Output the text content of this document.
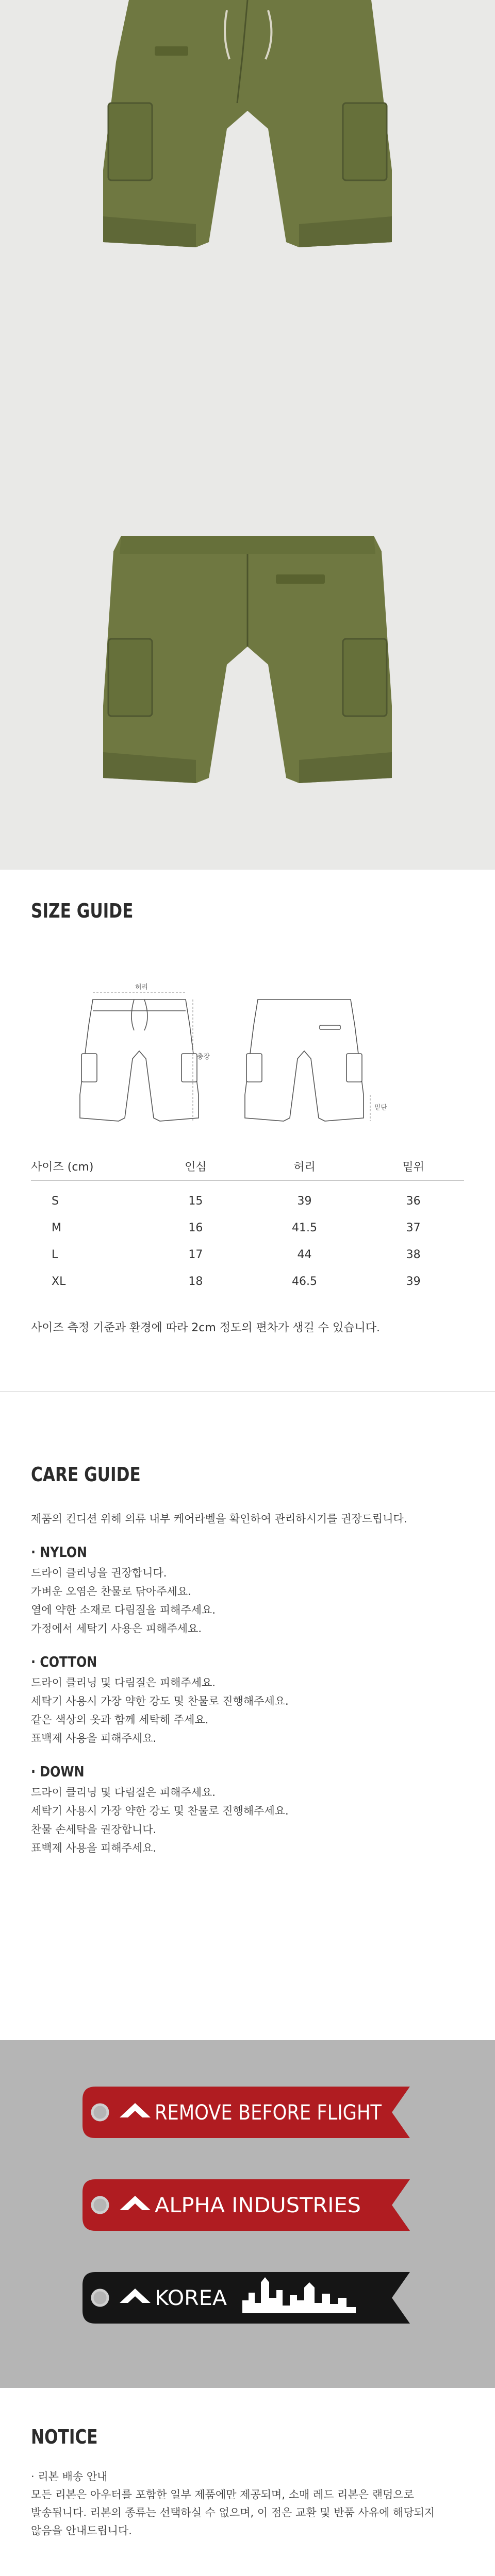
SIZE GUIDE
허리
총장
밑단
사이즈 (cm)	인심	허리	밑위
S	15	39	36
M	16	41.5	37
L	17	44	38
XL	18	46.5	39

사이즈 측정 기준과 환경에 따라 2cm 정도의 편차가 생길 수 있습니다.

CARE GUIDE

제품의 컨디션 위해 의류 내부 케어라벨을 확인하여 관리하시기를 권장드립니다.

· NYLON

드라이 클리닝을 권장합니다.

가벼운 오염은 찬물로 닦아주세요.

열에 약한 소재로 다림질을 피해주세요.

가정에서 세탁기 사용은 피해주세요.

· COTTON

드라이 클리닝 및 다림질은 피해주세요.

세탁기 사용시 가장 약한 강도 및 찬물로 진행해주세요.

같은 색상의 옷과 함께 세탁해 주세요.

표백제 사용을 피해주세요.

· DOWN

드라이 클리닝 및 다림질은 피해주세요.

세탁기 사용시 가장 약한 강도 및 찬물로 진행해주세요.

찬물 손세탁을 권장합니다.

표백제 사용을 피해주세요.

REMOVE BEFORE FLIGHT
ALPHA INDUSTRIES
KOREA
NOTICE

· 리본 배송 안내

모든 리본은 아우터를 포함한 일부 제품에만 제공되며, 소매 레드 리본은 랜덤으로

발송됩니다. 리본의 종류는 선택하실 수 없으며, 이 점은 교환 및 반품 사유에 해당되지

않음을 안내드립니다.
